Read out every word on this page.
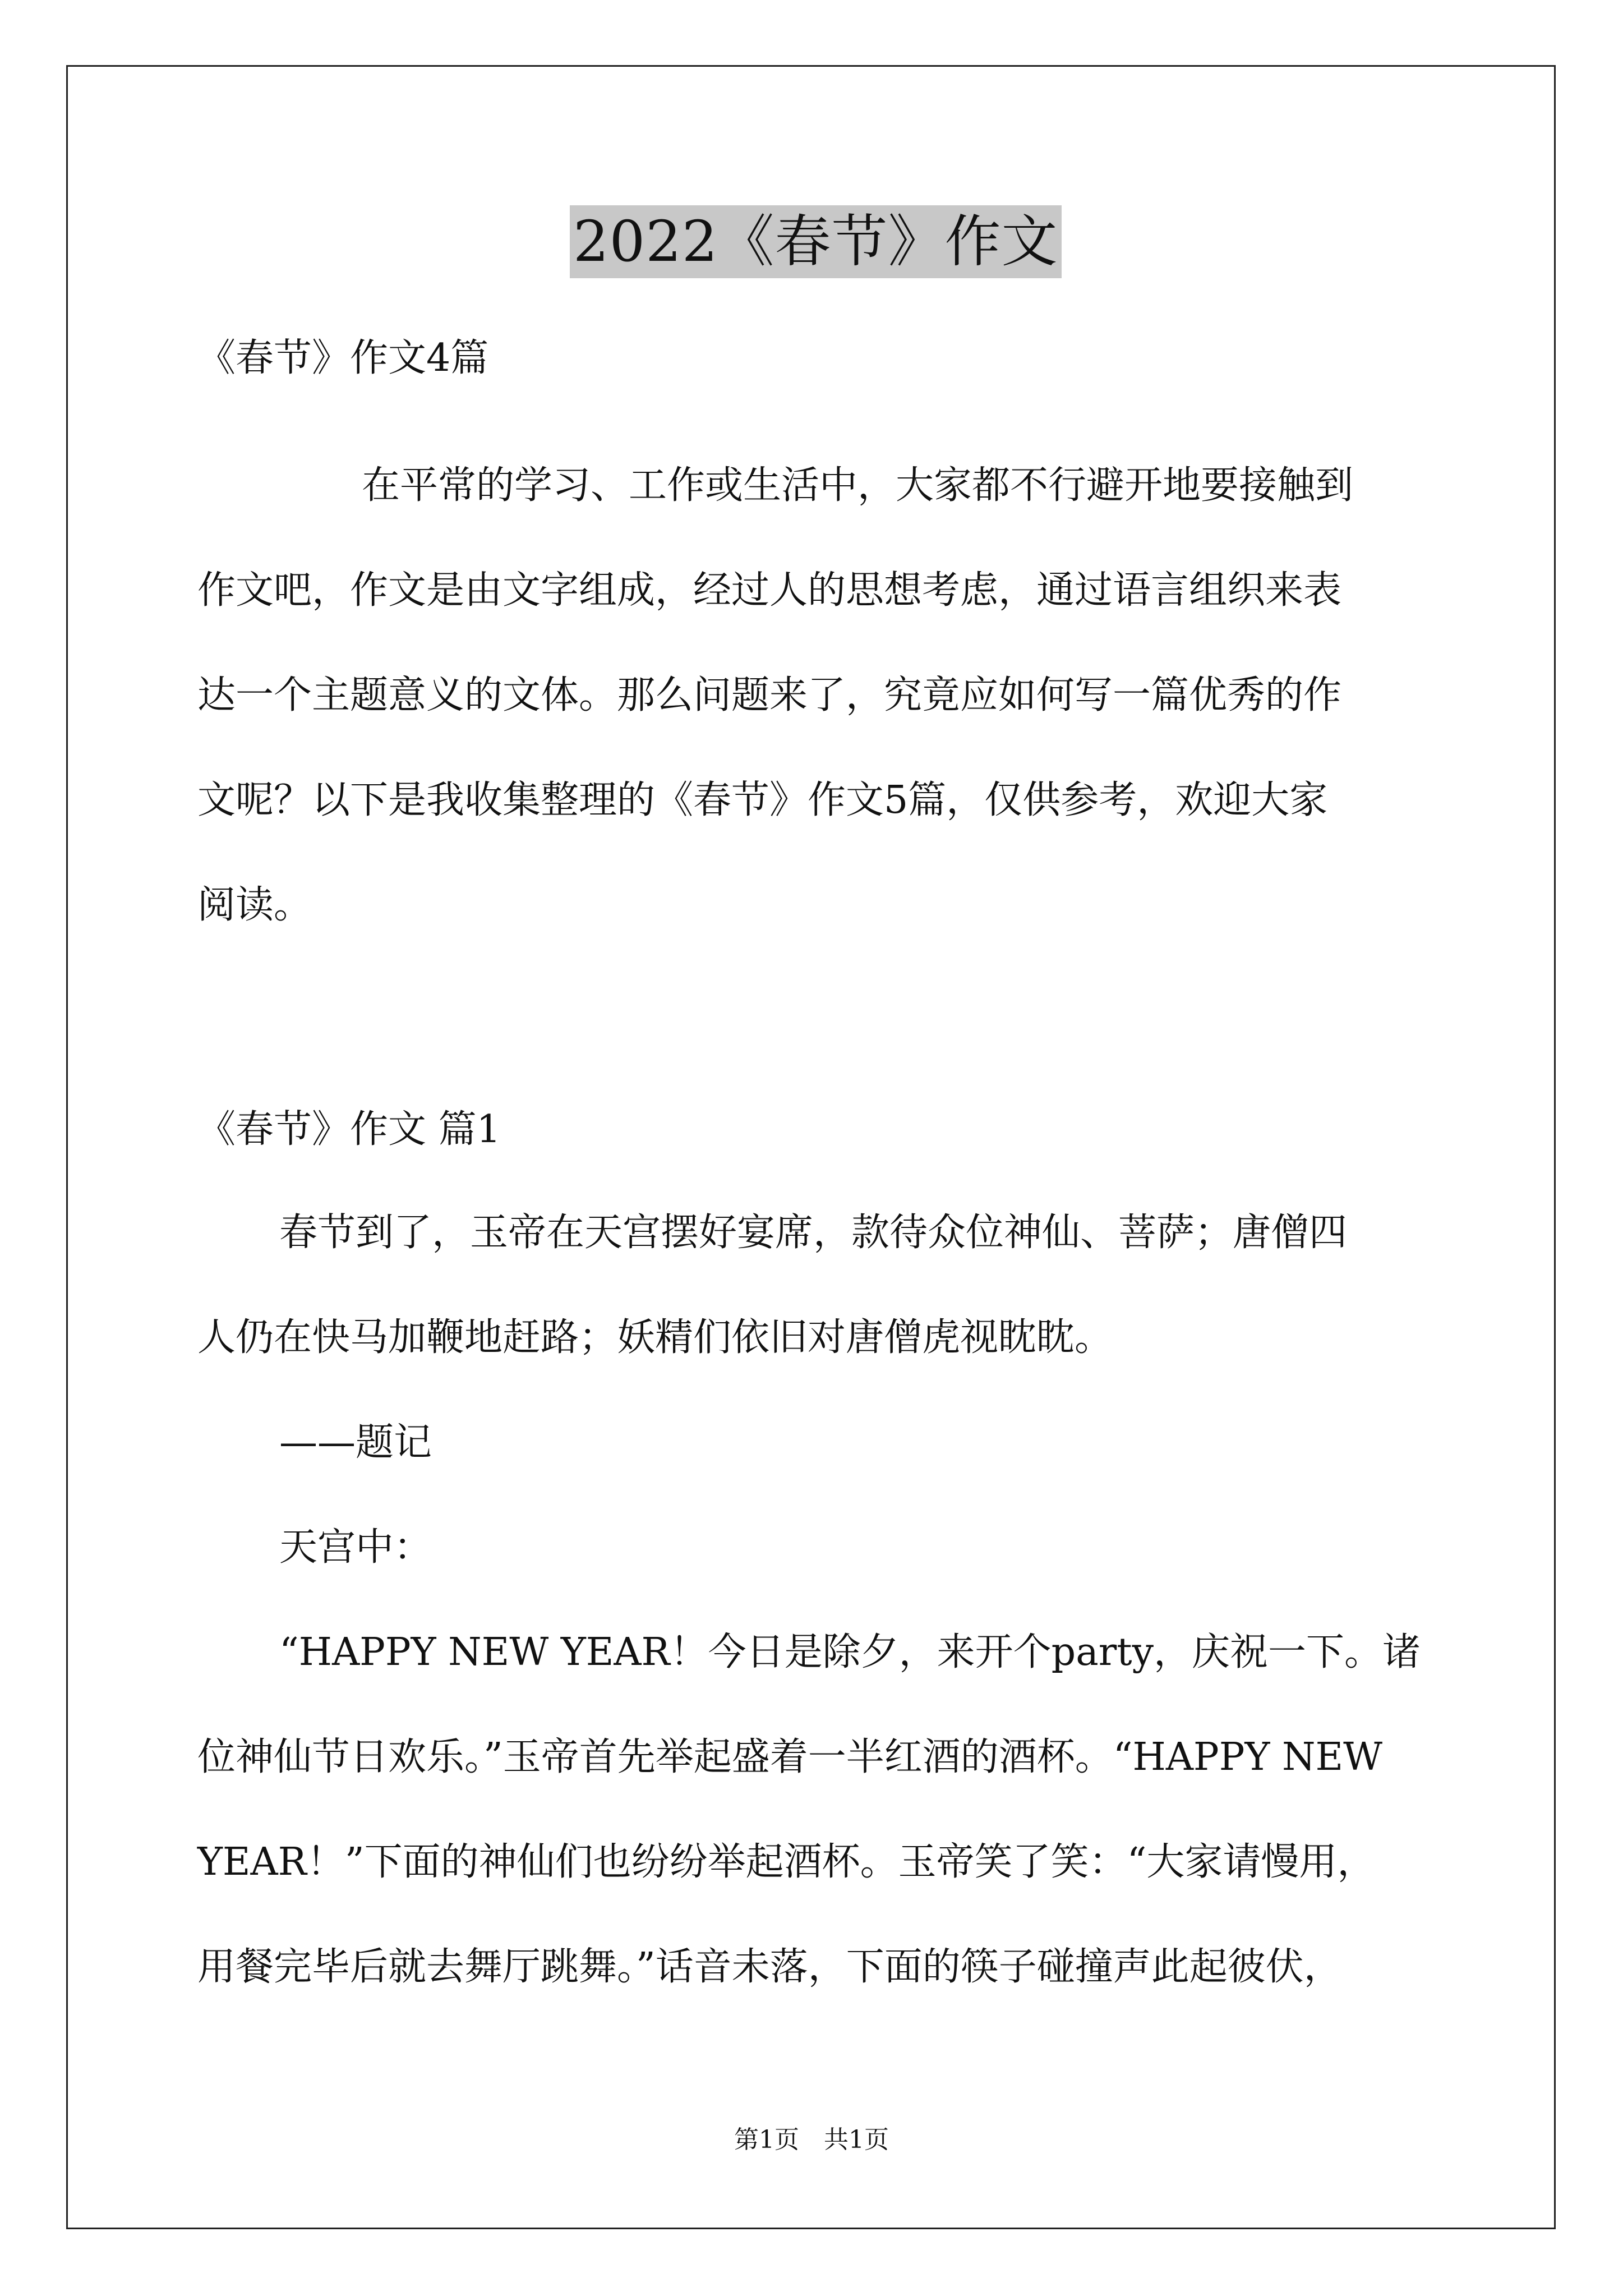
2022《春节》作文
《春节》作文4篇
在平常的学习、工作或生活中，大家都不行避开地要接触到
作文吧，作文是由文字组成，经过人的思想考虑，通过语言组织来表
达一个主题意义的文体。那么问题来了，究竟应如何写一篇优秀的作
文呢？以下是我收集整理的《春节》作文5篇，仅供参考，欢迎大家
阅读。
《春节》作文 篇1
春节到了，玉帝在天宫摆好宴席，款待众位神仙、菩萨；唐僧四
人仍在快马加鞭地赶路；妖精们依旧对唐僧虎视眈眈。
——题记
天宫中：
“HAPPY NEW YEAR！今日是除夕，来开个party，庆祝一下。诸
位神仙节日欢乐。”玉帝首先举起盛着一半红酒的酒杯。“HAPPY NEW
YEAR！”下面的神仙们也纷纷举起酒杯。玉帝笑了笑：“大家请慢用，
用餐完毕后就去舞厅跳舞。”话音未落，下面的筷子碰撞声此起彼伏，
第1页　共1页
